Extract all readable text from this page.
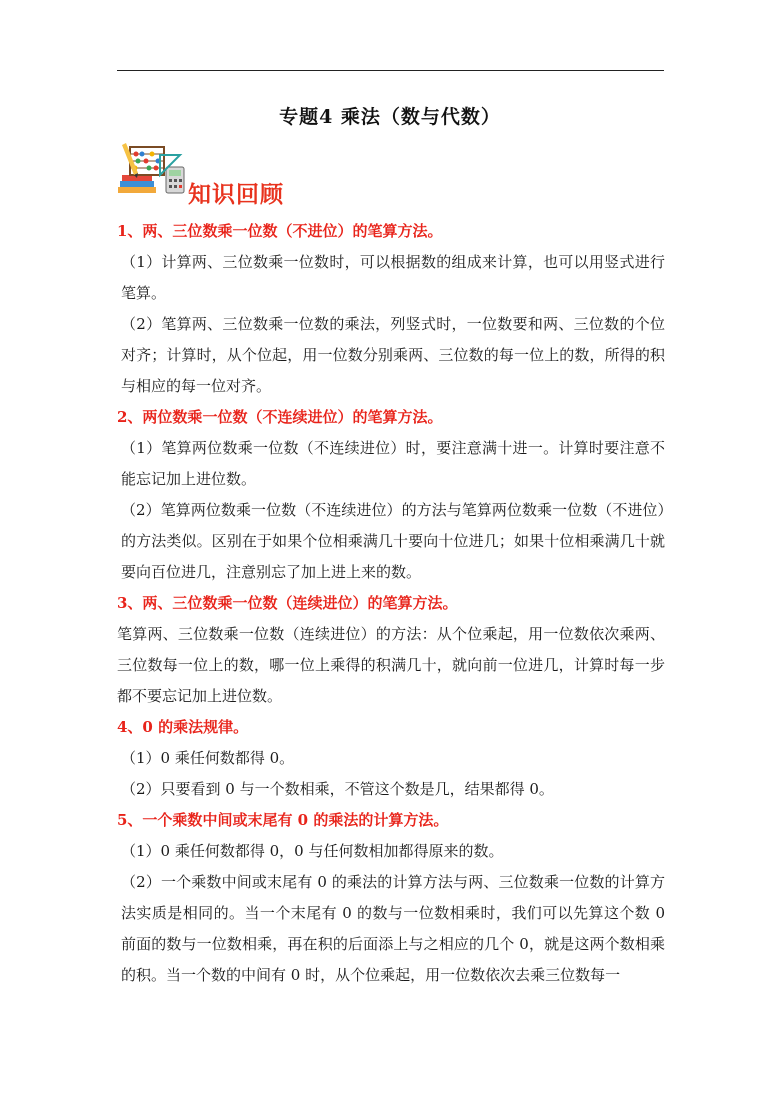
专题4 乘法（数与代数）
知识回顾

1、两、三位数乘一位数（不进位）的笔算方法。

（1）计算两、三位数乘一位数时，可以根据数的组成来计算，也可以用竖式进行笔算。

（2）笔算两、三位数乘一位数的乘法，列竖式时，一位数要和两、三位数的个位对齐；计算时，从个位起，用一位数分别乘两、三位数的每一位上的数，所得的积与相应的每一位对齐。

2、两位数乘一位数（不连续进位）的笔算方法。

（1）笔算两位数乘一位数（不连续进位）时，要注意满十进一。计算时要注意不能忘记加上进位数。

（2）笔算两位数乘一位数（不连续进位）的方法与笔算两位数乘一位数（不进位）的方法类似。区别在于如果个位相乘满几十要向十位进几；如果十位相乘满几十就要向百位进几，注意别忘了加上进上来的数。

3、两、三位数乘一位数（连续进位）的笔算方法。

笔算两、三位数乘一位数（连续进位）的方法：从个位乘起，用一位数依次乘两、三位数每一位上的数，哪一位上乘得的积满几十，就向前一位进几，计算时每一步都不要忘记加上进位数。

4、0 的乘法规律。

（1）0 乘任何数都得 0。

（2）只要看到 0 与一个数相乘，不管这个数是几，结果都得 0。

5、一个乘数中间或末尾有 0 的乘法的计算方法。

（1）0 乘任何数都得 0，0 与任何数相加都得原来的数。

（2）一个乘数中间或末尾有 0 的乘法的计算方法与两、三位数乘一位数的计算方法实质是相同的。当一个末尾有 0 的数与一位数相乘时，我们可以先算这个数 0 前面的数与一位数相乘，再在积的后面添上与之相应的几个 0，就是这两个数相乘的积。当一个数的中间有 0 时，从个位乘起，用一位数依次去乘三位数每一
